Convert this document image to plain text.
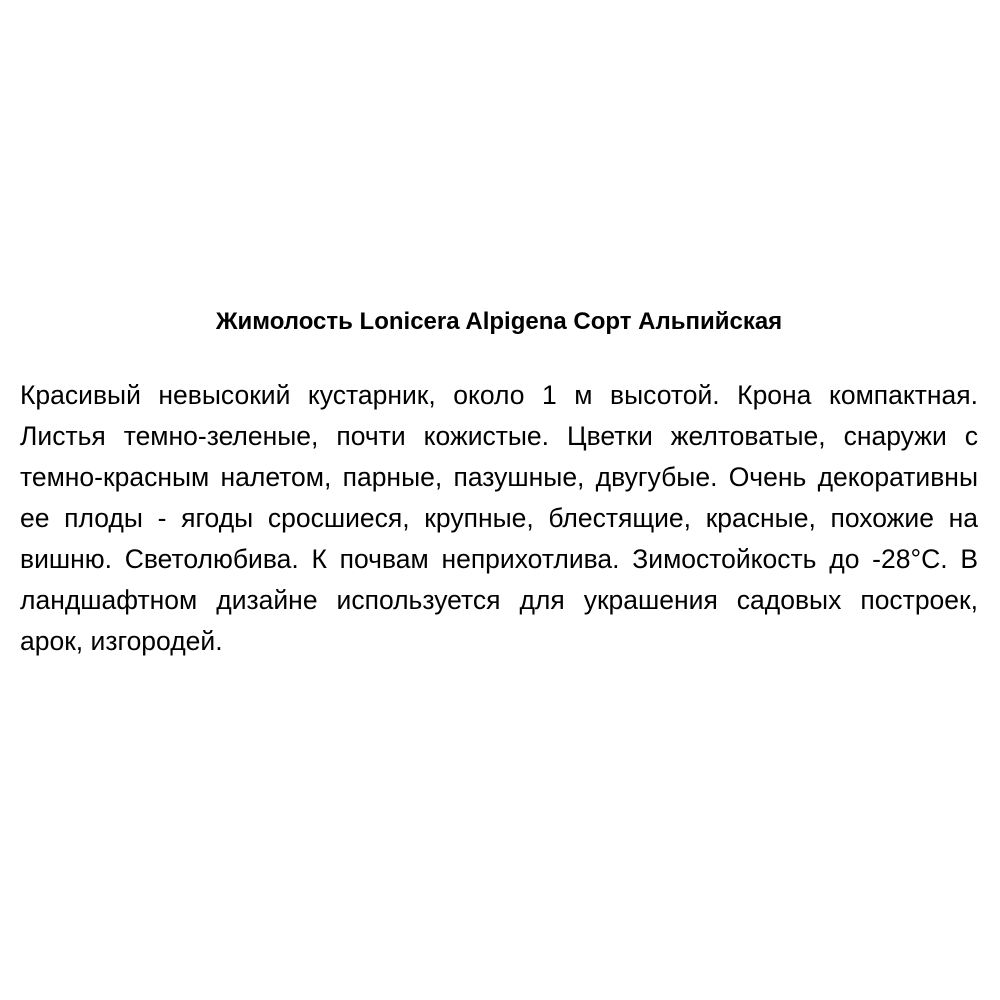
Жимолость Lonicera Alpigena Сорт Альпийская

Красивый невысокий кустарник, около 1 м высотой. Крона компактная. Листья темно-зеленые, почти кожистые. Цветки желтоватые, снаружи с темно-красным налетом, парные, пазушные, двугубые. Очень декоративны ее плоды - ягоды сросшиеся, крупные, блестящие, красные, похожие на вишню. Светолюбива. К почвам неприхотлива. Зимостойкость до -28°С. В ландшафтном дизайне используется для украшения садовых построек, арок, изгородей.
